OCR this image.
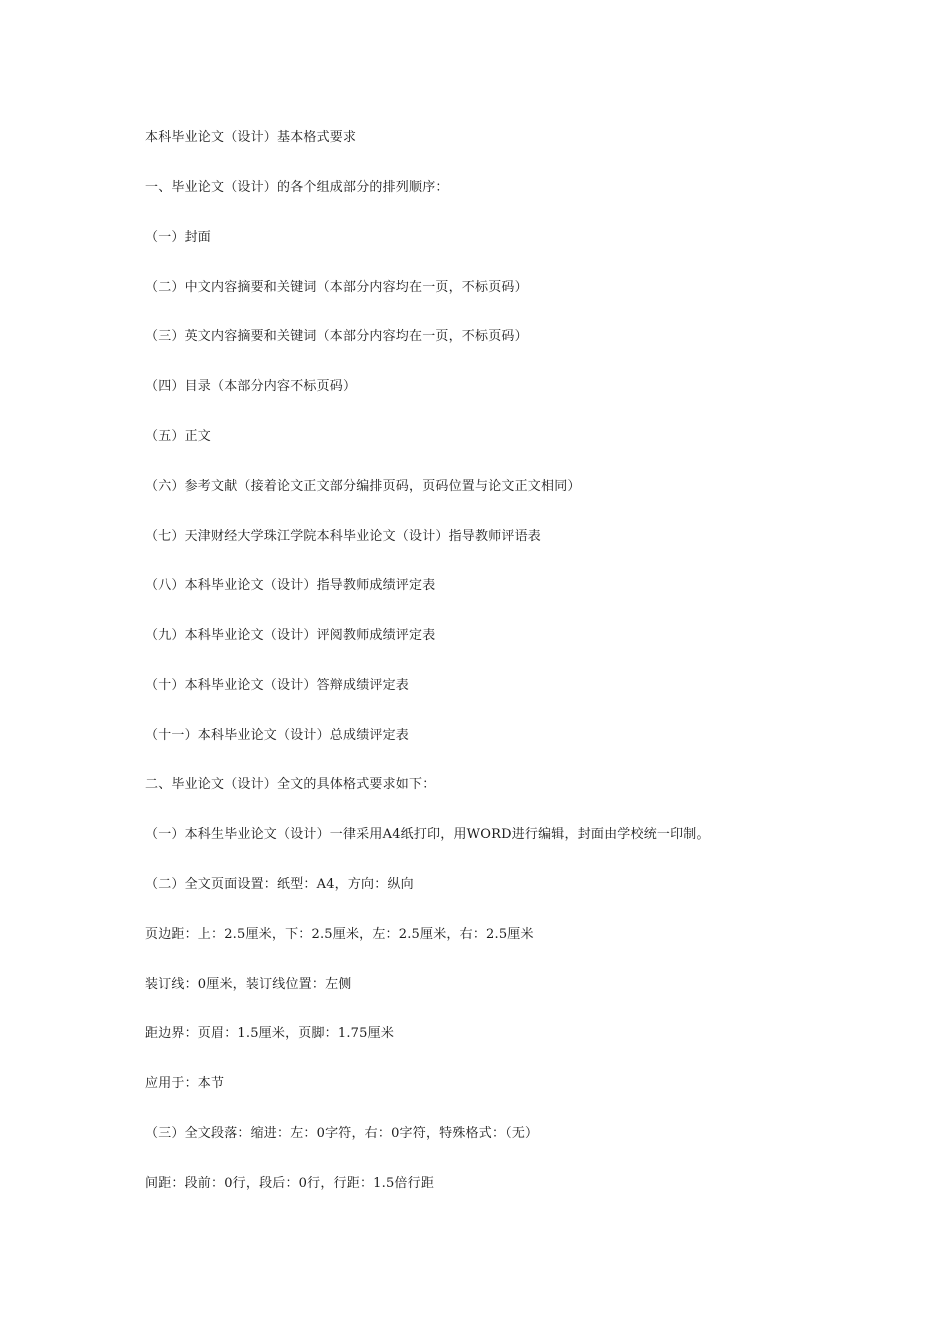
本科毕业论文（设计）基本格式要求

一、毕业论文（设计）的各个组成部分的排列顺序：

（一）封面

（二）中文内容摘要和关键词（本部分内容均在一页，不标页码）

（三）英文内容摘要和关键词（本部分内容均在一页，不标页码）

（四）目录（本部分内容不标页码）

（五）正文

（六）参考文献（接着论文正文部分编排页码，页码位置与论文正文相同）

（七）天津财经大学珠江学院本科毕业论文（设计）指导教师评语表

（八）本科毕业论文（设计）指导教师成绩评定表

（九）本科毕业论文（设计）评阅教师成绩评定表

（十）本科毕业论文（设计）答辩成绩评定表

（十一）本科毕业论文（设计）总成绩评定表

二、毕业论文（设计）全文的具体格式要求如下：

（一）本科生毕业论文（设计）一律采用A4纸打印，用WORD进行编辑，封面由学校统一印制。

（二）全文页面设置：纸型：A4，方向：纵向

页边距：上：2.5厘米，下：2.5厘米，左：2.5厘米，右：2.5厘米

装订线：0厘米，装订线位置：左侧

距边界：页眉：1.5厘米，页脚：1.75厘米

应用于：本节

（三）全文段落：缩进：左：0字符，右：0字符，特殊格式：（无）

间距：段前：0行，段后：0行，行距：1.5倍行距
